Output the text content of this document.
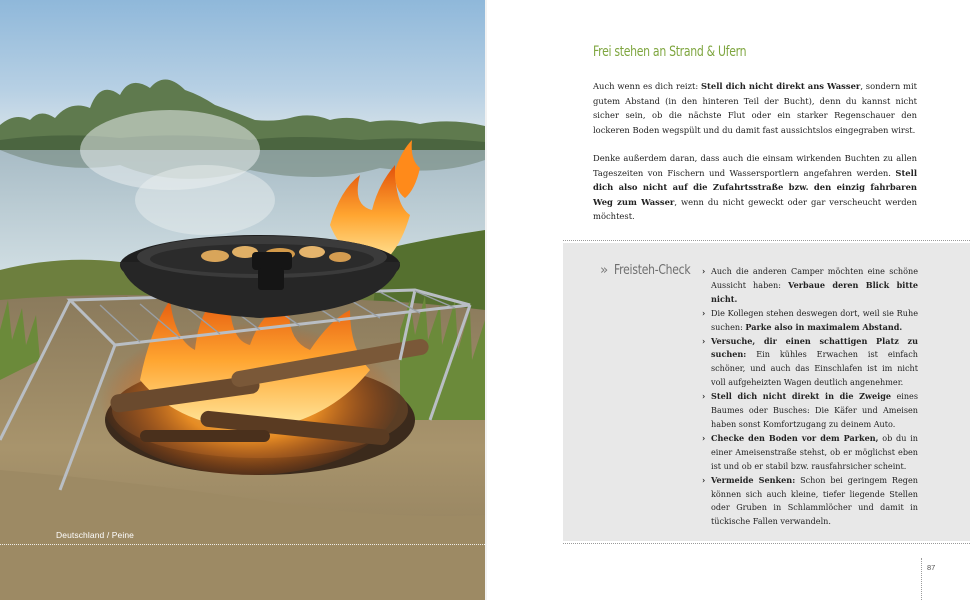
Deutschland / Peine
Frei stehen an Strand & Ufern

Auch wenn es dich reizt: Stell dich nicht direkt ans Wasser, sondern mit gutem Abstand (in den hinteren Teil der Bucht), denn du kannst nicht sicher sein, ob die nächste Flut oder ein starker Regenschauer den lockeren Boden wegspült und du damit fast aussichtslos eingegraben wirst.

Denke außerdem daran, dass auch die einsam wirkenden Buchten zu allen Tageszeiten von Fischern und Wassersportlern angefahren werden. Stell dich also nicht auf die Zufahrtsstraße bzw. den einzig fahrbaren Weg zum Wasser, wenn du nicht geweckt oder gar verscheucht werden möchtest.

» Freisteh-Check	› Auch die anderen Camper möchten eine schöne Aussicht haben: Verbaue deren Blick bitte nicht.
› Die Kollegen stehen deswegen dort, weil sie Ruhe suchen: Parke also in maximalem Abstand.
› Versuche, dir einen schattigen Platz zu suchen: Ein kühles Erwachen ist einfach schöner, und auch das Einschlafen ist im nicht voll aufgeheizten Wagen deutlich angenehmer.
› Stell dich nicht direkt in die Zweige eines Baumes oder Busches: Die Käfer und Ameisen haben sonst Komfortzugang zu deinem Auto.
› Checke den Boden vor dem Parken, ob du in einer Ameisenstraße stehst, ob er möglichst eben ist und ob er stabil bzw. rausfahrsicher scheint.
› Vermeide Senken: Schon bei geringem Regen können sich auch kleine, tiefer liegende Stellen oder Gruben in Schlammlöcher und damit in tückische Fallen verwandeln.
87
